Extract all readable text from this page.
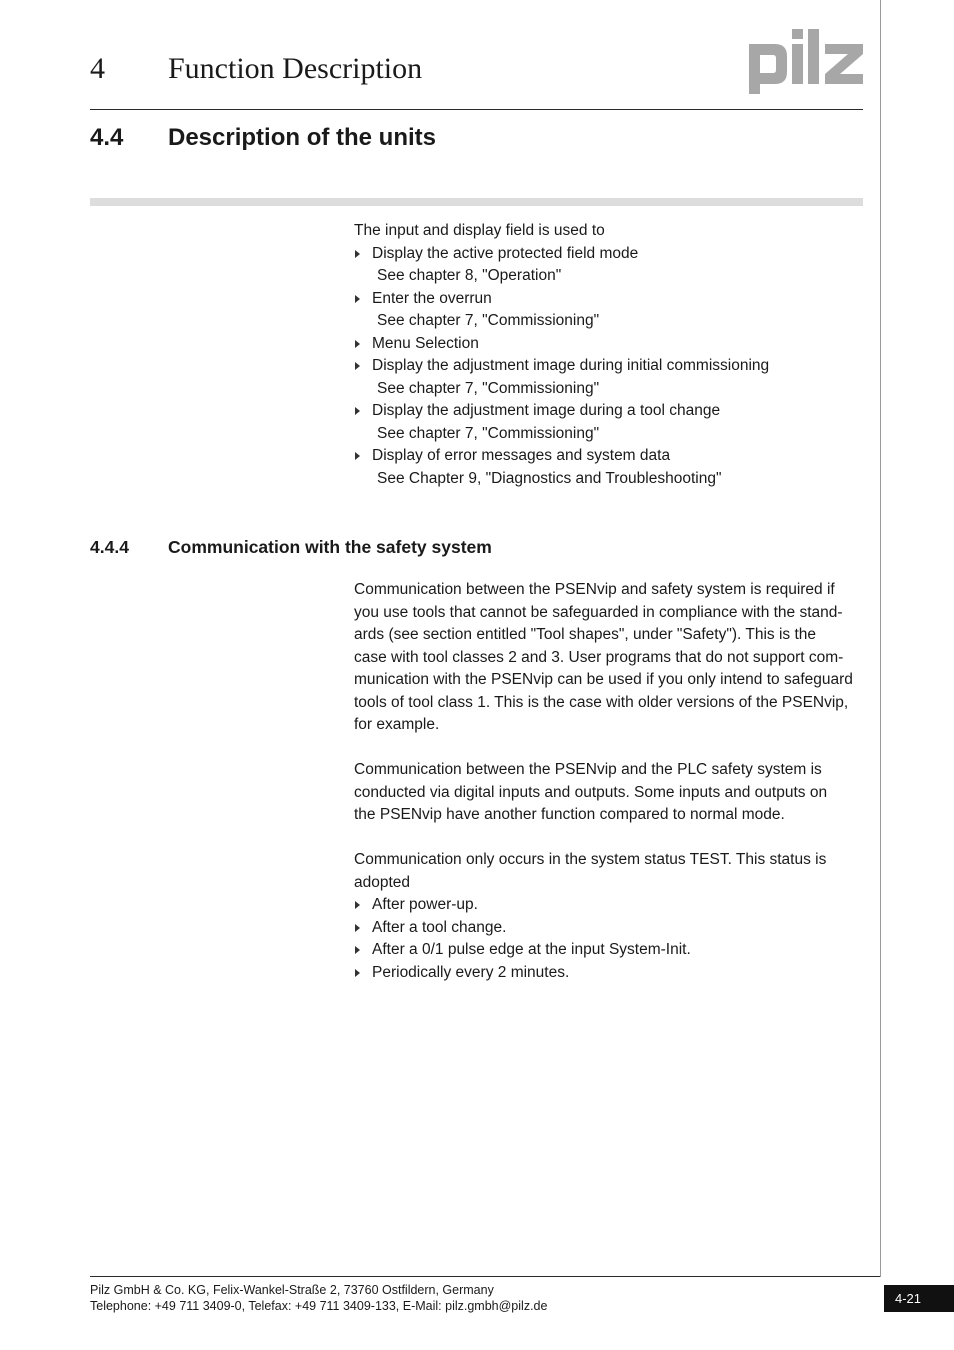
4 Function Description
4.4 Description of the units

The input and display field is used to

Display the active protected field mode
See chapter 8, "Operation"
Enter the overrun
See chapter 7, "Commissioning"
Menu Selection
Display the adjustment image during initial commissioning
See chapter 7, "Commissioning"
Display the adjustment image during a tool change
See chapter 7, "Commissioning"
Display of error messages and system data
See Chapter 9, "Diagnostics and Troubleshooting"
4.4.4 Communication with the safety system
Communication between the PSENvip and safety system is required if
you use tools that cannot be safeguarded in compliance with the stand-
ards (see section entitled "Tool shapes", under "Safety"). This is the
case with tool classes 2 and 3. User programs that do not support com-
munication with the PSENvip can be used if you only intend to safeguard
tools of tool class 1. This is the case with older versions of the PSENvip,
for example.
Communication between the PSENvip and the PLC safety system is
conducted via digital inputs and outputs. Some inputs and outputs on
the PSENvip have another function compared to normal mode.
Communication only occurs in the system status TEST. This status is
adopted
After power-up.
After a tool change.
After a 0/1 pulse edge at the input System-Init.
Periodically every 2 minutes.
Pilz GmbH & Co. KG, Felix-Wankel-Straße 2, 73760 Ostfildern, Germany
Telephone: +49 711 3409-0, Telefax: +49 711 3409-133, E-Mail: pilz.gmbh@pilz.de	4-21
